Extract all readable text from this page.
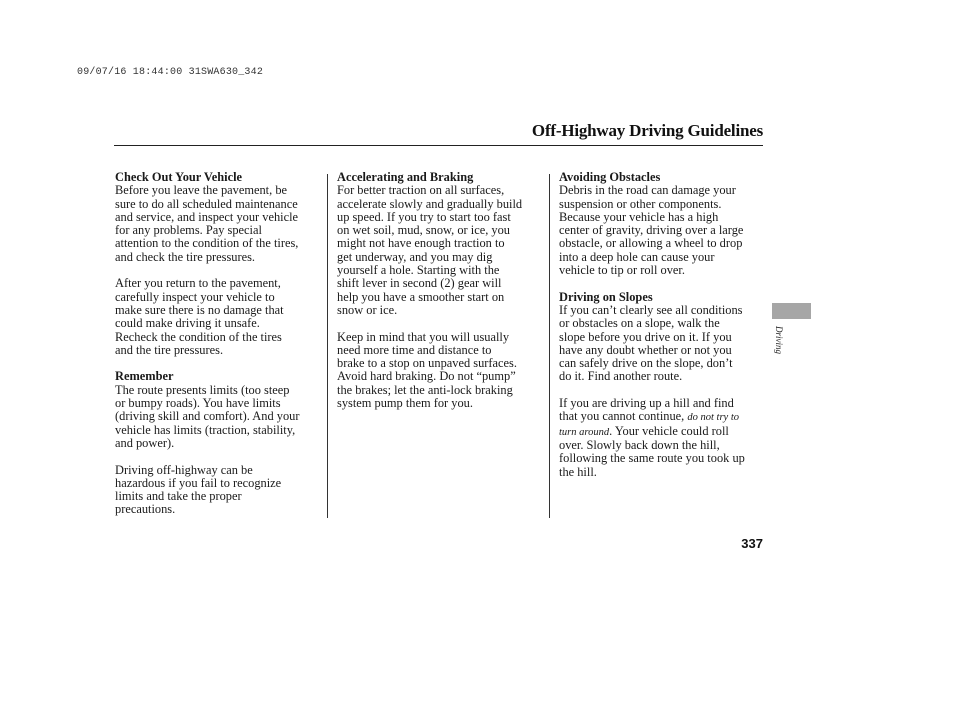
09/07/16 18:44:00 31SWA630_342
Off-Highway Driving Guidelines

Check Out Your Vehicle

Before you leave the pavement, be
sure to do all scheduled maintenance
and service, and inspect your vehicle
for any problems. Pay special
attention to the condition of the tires,
and check the tire pressures.

After you return to the pavement,
carefully inspect your vehicle to
make sure there is no damage that
could make driving it unsafe.
Recheck the condition of the tires
and the tire pressures.

Remember

The route presents limits (too steep
or bumpy roads). You have limits
(driving skill and comfort). And your
vehicle has limits (traction, stability,
and power).

Driving off-highway can be
hazardous if you fail to recognize
limits and take the proper
precautions.

Accelerating and Braking

For better traction on all surfaces,
accelerate slowly and gradually build
up speed. If you try to start too fast
on wet soil, mud, snow, or ice, you
might not have enough traction to
get underway, and you may dig
yourself a hole. Starting with the
shift lever in second (2) gear will
help you have a smoother start on
snow or ice.

Keep in mind that you will usually
need more time and distance to
brake to a stop on unpaved surfaces.
Avoid hard braking. Do not “pump”
the brakes; let the anti-lock braking
system pump them for you.

Avoiding Obstacles

Debris in the road can damage your
suspension or other components.
Because your vehicle has a high
center of gravity, driving over a large
obstacle, or allowing a wheel to drop
into a deep hole can cause your
vehicle to tip or roll over.

Driving on Slopes

If you can’t clearly see all conditions
or obstacles on a slope, walk the
slope before you drive on it. If you
have any doubt whether or not you
can safely drive on the slope, don’t
do it. Find another route.

If you are driving up a hill and find
that you cannot continue, do not try to
turn around. Your vehicle could roll
over. Slowly back down the hill,
following the same route you took up
the hill.

Driving
337
